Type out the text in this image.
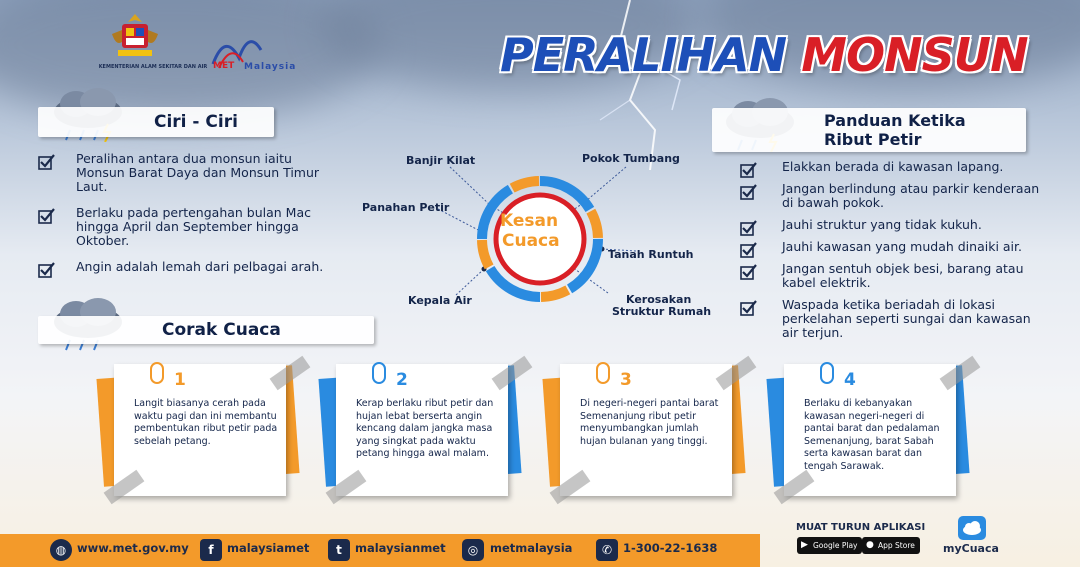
KEMENTERIAN ALAM SEKITAR DAN AIR MET Malaysia	PERALIHAN MONSUN
Ciri - Ciri	Panduan Ketika
Ribut Petir
Peralihan antara dua monsun iaitu Monsun Barat Daya dan Monsun Timur Laut.
Berlaku pada pertengahan bulan Mac hingga April dan September hingga Oktober.
Angin adalah lemah dari pelbagai arah.
Corak Cuaca
Kesan
Cuaca
Banjir Kilat	Pokok Tumbang
Panahan Petir
Tanah Runtuh
Kepala Air	Kerosakan
Struktur Rumah
Elakkan berada di kawasan lapang.
Jangan berlindung atau parkir kenderaan di bawah pokok.
Jauhi struktur yang tidak kukuh.
Jauhi kawasan yang mudah dinaiki air.
Jangan sentuh objek besi, barang atau kabel elektrik.
Waspada ketika beriadah di lokasi perkelahan seperti sungai dan kawasan air terjun.
1
Langit biasanya cerah pada waktu pagi dan ini membantu pembentukan ribut petir pada sebelah petang.
2
Kerap berlaku ribut petir dan hujan lebat berserta angin kencang dalam jangka masa yang singkat pada waktu petang hingga awal malam.
3
Di negeri-negeri pantai barat Semenanjung ribut petir menyumbangkan jumlah hujan bulanan yang tinggi.
4
Berlaku di kebanyakan kawasan negeri-negeri di pantai barat dan pedalaman Semenanjung, barat Sabah serta kawasan barat dan tengah Sarawak.
◍ www.met.gov.my	f	malaysiamet	t	malaysianmet	◎	metmalaysia	✆ 1-300-22-1638
MUAT TURUN APLIKASI
▶ Google Play ● App Store	myCuaca
